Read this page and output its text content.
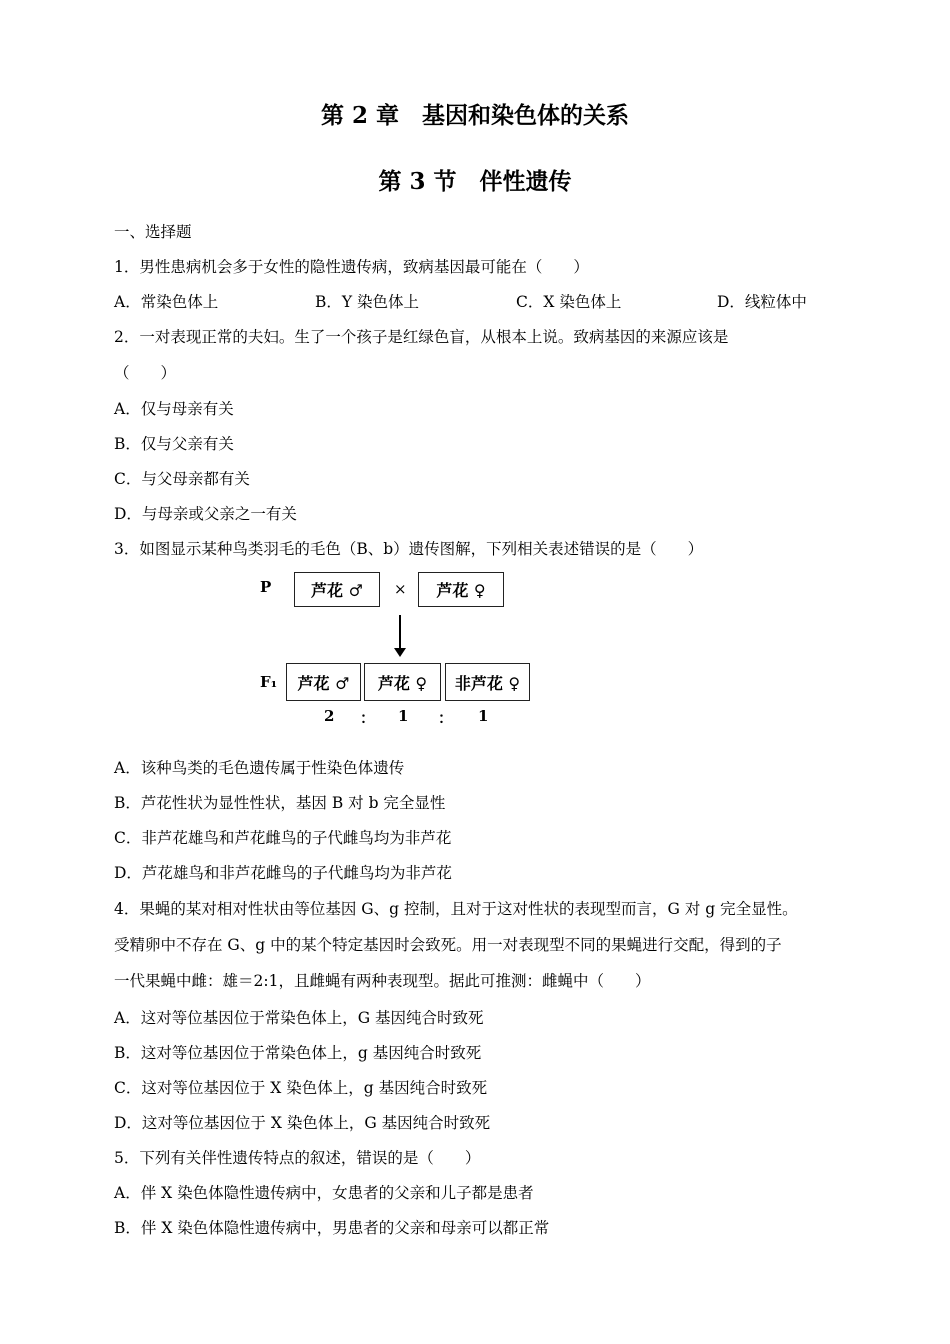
第 2 章　基因和染色体的关系
第 3 节　伴性遗传
一、选择题
1．男性患病机会多于女性的隐性遗传病，致病基因最可能在（　　）
A．常染色体上	B．Y 染色体上	C．X 染色体上	D．线粒体中
2．一对表现正常的夫妇。生了一个孩子是红绿色盲，从根本上说。致病基因的来源应该是
（　　）
A．仅与母亲有关
B．仅与父亲有关
C．与父母亲都有关
D．与母亲或父亲之一有关
3．如图显示某种鸟类羽毛的毛色（B、b）遗传图解，下列相关表述错误的是（　　）
P	芦花 ♂	×	芦花 ♀
F₁	芦花 ♂	芦花 ♀	非芦花 ♀
2 ： 1 ： 1
A．该种鸟类的毛色遗传属于性染色体遗传
B．芦花性状为显性性状，基因 B 对 b 完全显性
C．非芦花雄鸟和芦花雌鸟的子代雌鸟均为非芦花
D．芦花雄鸟和非芦花雌鸟的子代雌鸟均为非芦花
4．果蝇的某对相对性状由等位基因 G、g 控制，且对于这对性状的表现型而言，G 对 g 完全显性。
受精卵中不存在 G、g 中的某个特定基因时会致死。用一对表现型不同的果蝇进行交配，得到的子
一代果蝇中雌：雄＝2:1，且雌蝇有两种表现型。据此可推测：雌蝇中（　　）
A．这对等位基因位于常染色体上，G 基因纯合时致死
B．这对等位基因位于常染色体上，g 基因纯合时致死
C．这对等位基因位于 X 染色体上，g 基因纯合时致死
D．这对等位基因位于 X 染色体上，G 基因纯合时致死
5．下列有关伴性遗传特点的叙述，错误的是（　　）
A．伴 X 染色体隐性遗传病中，女患者的父亲和儿子都是患者
B．伴 X 染色体隐性遗传病中，男患者的父亲和母亲可以都正常
